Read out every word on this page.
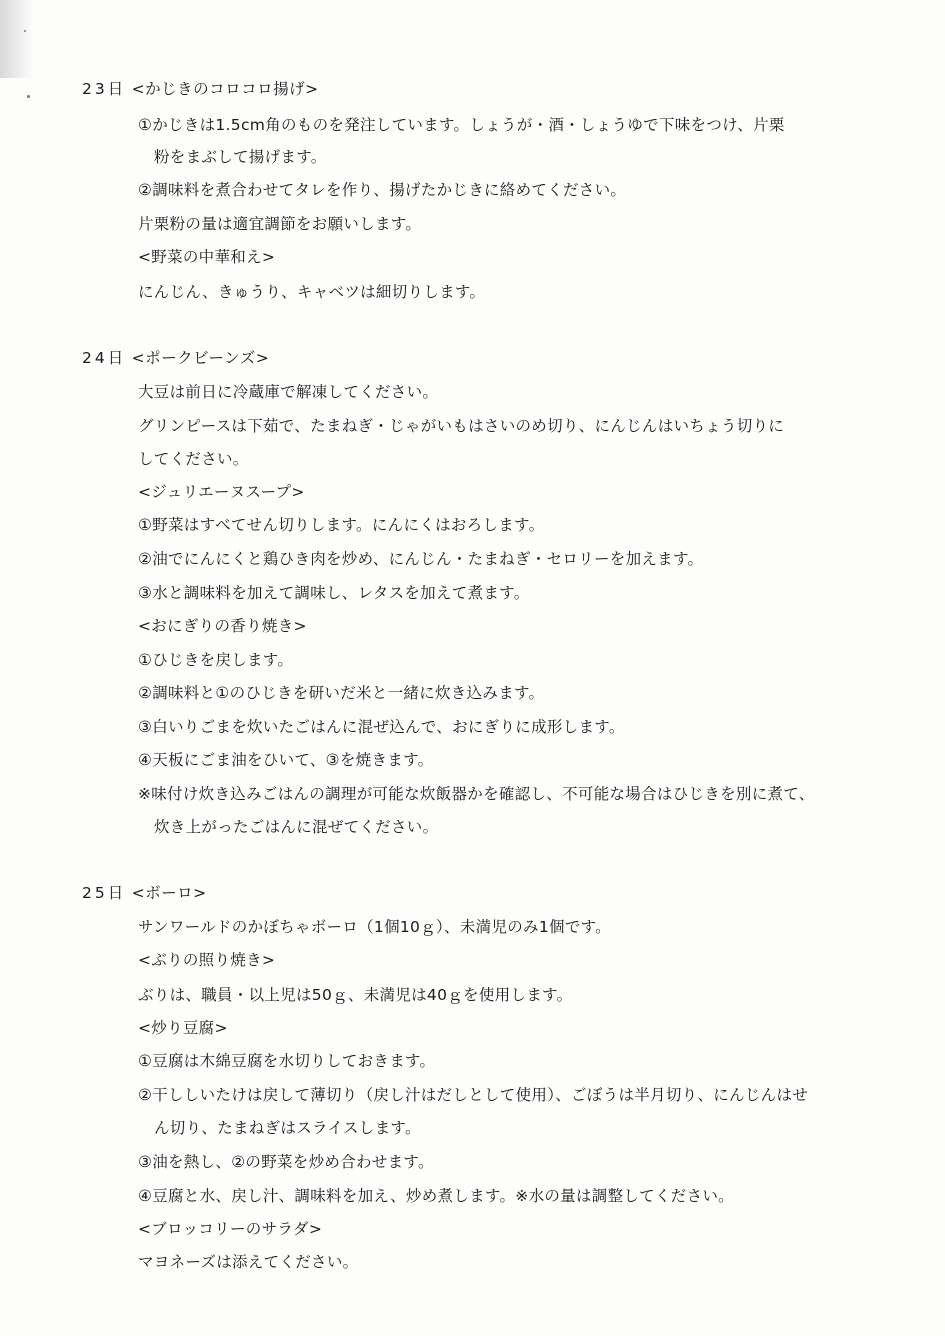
23日 <かじきのコロコロ揚げ>
①かじきは1.5cm角のものを発注しています。しょうが・酒・しょうゆで下味をつけ、片栗
粉をまぶして揚げます。
②調味料を煮合わせてタレを作り、揚げたかじきに絡めてください。
片栗粉の量は適宜調節をお願いします。
<野菜の中華和え>
にんじん、きゅうり、キャベツは細切りします。
24日 <ポークビーンズ>
大豆は前日に冷蔵庫で解凍してください。
グリンピースは下茹で、たまねぎ・じゃがいもはさいのめ切り、にんじんはいちょう切りに
してください。
<ジュリエーヌスープ>
①野菜はすべてせん切りします。にんにくはおろします。
②油でにんにくと鶏ひき肉を炒め、にんじん・たまねぎ・セロリーを加えます。
③水と調味料を加えて調味し、レタスを加えて煮ます。
<おにぎりの香り焼き>
①ひじきを戻します。
②調味料と①のひじきを研いだ米と一緒に炊き込みます。
③白いりごまを炊いたごはんに混ぜ込んで、おにぎりに成形します。
④天板にごま油をひいて、③を焼きます。
※味付け炊き込みごはんの調理が可能な炊飯器かを確認し、不可能な場合はひじきを別に煮て、
炊き上がったごはんに混ぜてください。
25日 <ボーロ>
サンワールドのかぼちゃボーロ（1個10ｇ）、未満児のみ1個です。
<ぶりの照り焼き>
ぶりは、職員・以上児は50ｇ、未満児は40ｇを使用します。
<炒り豆腐>
①豆腐は木綿豆腐を水切りしておきます。
②干ししいたけは戻して薄切り（戻し汁はだしとして使用）、ごぼうは半月切り、にんじんはせ
ん切り、たまねぎはスライスします。
③油を熱し、②の野菜を炒め合わせます。
④豆腐と水、戻し汁、調味料を加え、炒め煮します。※水の量は調整してください。
<ブロッコリーのサラダ>
マヨネーズは添えてください。
